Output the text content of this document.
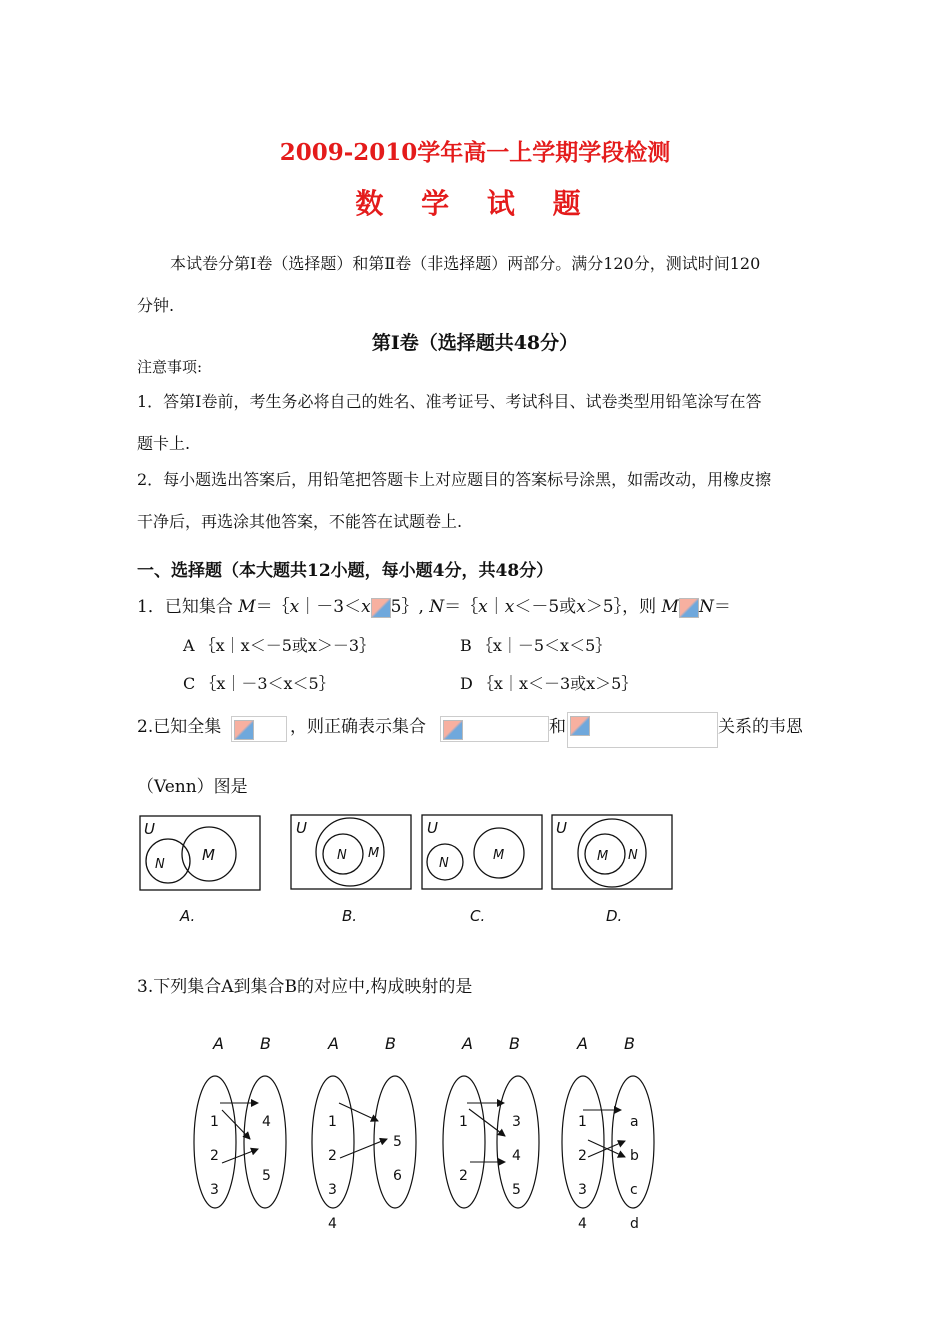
2009-2010学年高一上学期学段检测
数 学 试 题
本试卷分第Ⅰ卷（选择题）和第Ⅱ卷（非选择题）两部分。满分120分，测试时间120
分钟.
第Ⅰ卷（选择题共48分）
注意事项:
1．答第Ⅰ卷前，考生务必将自己的姓名、准考证号、考试科目、试卷类型用铅笔涂写在答
题卡上.
2．每小题选出答案后，用铅笔把答题卡上对应题目的答案标号涂黑，如需改动，用橡皮擦
干净后，再选涂其他答案，不能答在试题卷上.
一、选择题（本大题共12小题，每小题4分，共48分）
1．已知集合 M＝｛x｜－3＜x 5｝, N＝｛x｜x＜－5或x＞5｝，则 M N＝
A ｛x｜x＜－5或x＞－3｝	B ｛x｜－5＜x＜5｝
C ｛x｜－3＜x＜5｝	D ｛x｜x＜－3或x＞5｝
2.已知全集	，则正确表示集合	和	关系的韦恩
（Venn）图是
U
M
N
U
N M
U
N
M
U
M N
A.	B.	C.	D.
3.下列集合A到集合B的对应中,构成映射的是
A B	A	B	A B	A B
1
2
3
4
5
1
2
3
4
5
6
1
2
3
4
5
1
2
3
4
a
b
c
d
